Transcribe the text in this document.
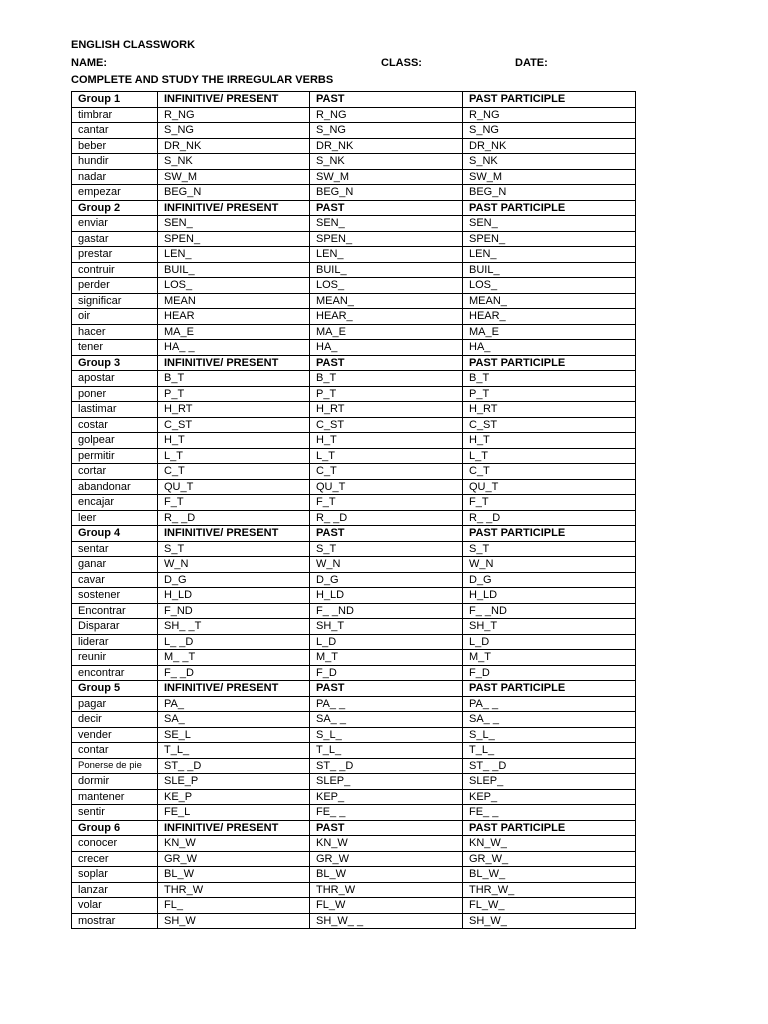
ENGLISH CLASSWORK
NAME:	CLASS:	DATE:
COMPLETE AND STUDY THE IRREGULAR VERBS
Group 1	INFINITIVE/ PRESENT	PAST	PAST PARTICIPLE
timbrar	R_NG	R_NG	R_NG
cantar	S_NG	S_NG	S_NG
beber	DR_NK	DR_NK	DR_NK
hundir	S_NK	S_NK	S_NK
nadar	SW_M	SW_M	SW_M
empezar	BEG_N	BEG_N	BEG_N
Group 2	INFINITIVE/ PRESENT	PAST	PAST PARTICIPLE
enviar	SEN_	SEN_	SEN_
gastar	SPEN_	SPEN_	SPEN_
prestar	LEN_	LEN_	LEN_
contruir	BUIL_	BUIL_	BUIL_
perder	LOS_	LOS_	LOS_
significar	MEAN	MEAN_	MEAN_
oir	HEAR	HEAR_	HEAR_
hacer	MA_E	MA_E	MA_E
tener	HA_ _	HA_	HA_
Group 3	INFINITIVE/ PRESENT	PAST	PAST PARTICIPLE
apostar	B_T	B_T	B_T
poner	P_T	P_T	P_T
lastimar	H_RT	H_RT	H_RT
costar	C_ST	C_ST	C_ST
golpear	H_T	H_T	H_T
permitir	L_T	L_T	L_T
cortar	C_T	C_T	C_T
abandonar	QU_T	QU_T	QU_T
encajar	F_T	F_T	F_T
leer	R_ _D	R_ _D	R_ _D
Group 4	INFINITIVE/ PRESENT	PAST	PAST PARTICIPLE
sentar	S_T	S_T	S_T
ganar	W_N	W_N	W_N
cavar	D_G	D_G	D_G
sostener	H_LD	H_LD	H_LD
Encontrar	F_ND	F_ _ND	F_ _ND
Disparar	SH_ _T	SH_T	SH_T
liderar	L_ _D	L_D	L_D
reunir	M_ _T	M_T	M_T
encontrar	F_ _D	F_D	F_D
Group 5	INFINITIVE/ PRESENT	PAST	PAST PARTICIPLE
pagar	PA_	PA_ _	PA_ _
decir	SA_	SA_ _	SA_ _
vender	SE_L	S_L_	S_L_
contar	T_L_	T_L_	T_L_
Ponerse de pie	ST_ _D	ST_ _D	ST_ _D
dormir	SLE_P	SLEP_	SLEP_
mantener	KE_P	KEP_	KEP_
sentir	FE_L	FE_ _	FE_ _
Group 6	INFINITIVE/ PRESENT	PAST	PAST PARTICIPLE
conocer	KN_W	KN_W	KN_W_
crecer	GR_W	GR_W	GR_W_
soplar	BL_W	BL_W	BL_W_
lanzar	THR_W	THR_W	THR_W_
volar	FL_	FL_W	FL_W_
mostrar	SH_W	SH_W_ _	SH_W_
